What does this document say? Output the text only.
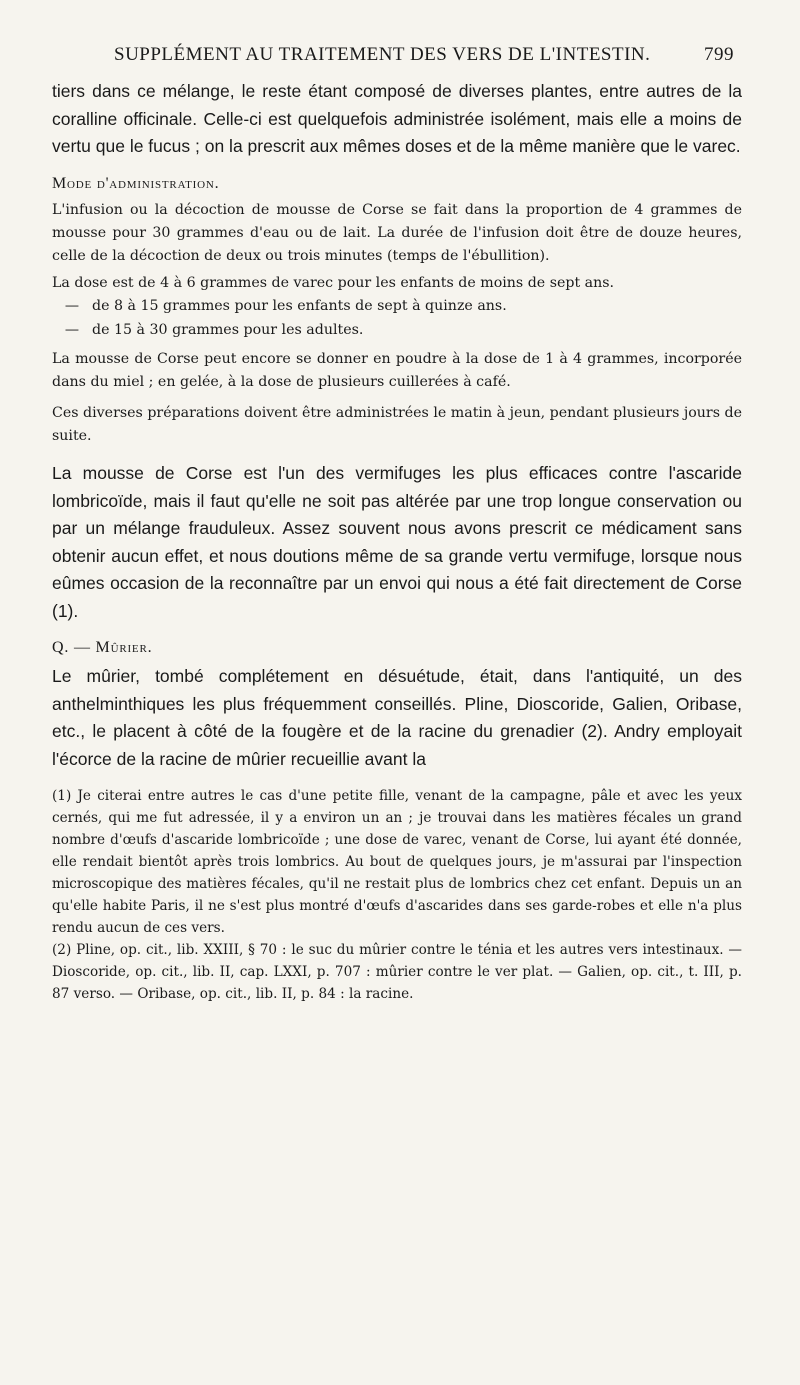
SUPPLÉMENT AU TRAITEMENT DES VERS DE L'INTESTIN.	799

tiers dans ce mélange, le reste étant composé de diverses plantes, entre autres de la coralline officinale. Celle-ci est quelquefois administrée isolément, mais elle a moins de vertu que le fucus ; on la prescrit aux mêmes doses et de la même manière que le varec.

Mode d'administration.

L'infusion ou la décoction de mousse de Corse se fait dans la proportion de 4 grammes de mousse pour 30 grammes d'eau ou de lait. La durée de l'infusion doit être de douze heures, celle de la décoction de deux ou trois minutes (temps de l'ébullition).

La dose est de 4 à 6 grammes de varec pour les enfants de moins de sept ans.
— de 8 à 15 grammes pour les enfants de sept à quinze ans.
— de 15 à 30 grammes pour les adultes.

La mousse de Corse peut encore se donner en poudre à la dose de 1 à 4 grammes, incorporée dans du miel ; en gelée, à la dose de plusieurs cuillerées à café.

Ces diverses préparations doivent être administrées le matin à jeun, pendant plusieurs jours de suite.

La mousse de Corse est l'un des vermifuges les plus efficaces contre l'ascaride lombricoïde, mais il faut qu'elle ne soit pas altérée par une trop longue conservation ou par un mélange frauduleux. Assez souvent nous avons prescrit ce médicament sans obtenir aucun effet, et nous doutions même de sa grande vertu vermifuge, lorsque nous eûmes occasion de la reconnaître par un envoi qui nous a été fait directement de Corse (1).

Q. — Mûrier.

Le mûrier, tombé complétement en désuétude, était, dans l'antiquité, un des anthelminthiques les plus fréquemment conseillés. Pline, Dioscoride, Galien, Oribase, etc., le placent à côté de la fougère et de la racine du grenadier (2). Andry employait l'écorce de la racine de mûrier recueillie avant la

(1) Je citerai entre autres le cas d'une petite fille, venant de la campagne, pâle et avec les yeux cernés, qui me fut adressée, il y a environ un an ; je trouvai dans les matières fécales un grand nombre d'œufs d'ascaride lombricoïde ; une dose de varec, venant de Corse, lui ayant été donnée, elle rendait bientôt après trois lombrics. Au bout de quelques jours, je m'assurai par l'inspection microscopique des matières fécales, qu'il ne restait plus de lombrics chez cet enfant. Depuis un an qu'elle habite Paris, il ne s'est plus montré d'œufs d'ascarides dans ses garde-robes et elle n'a plus rendu aucun de ces vers.

(2) Pline, op. cit., lib. XXIII, § 70 : le suc du mûrier contre le ténia et les autres vers intestinaux. — Dioscoride, op. cit., lib. II, cap. LXXI, p. 707 : mûrier contre le ver plat. — Galien, op. cit., t. III, p. 87 verso. — Oribase, op. cit., lib. II, p. 84 : la racine.
